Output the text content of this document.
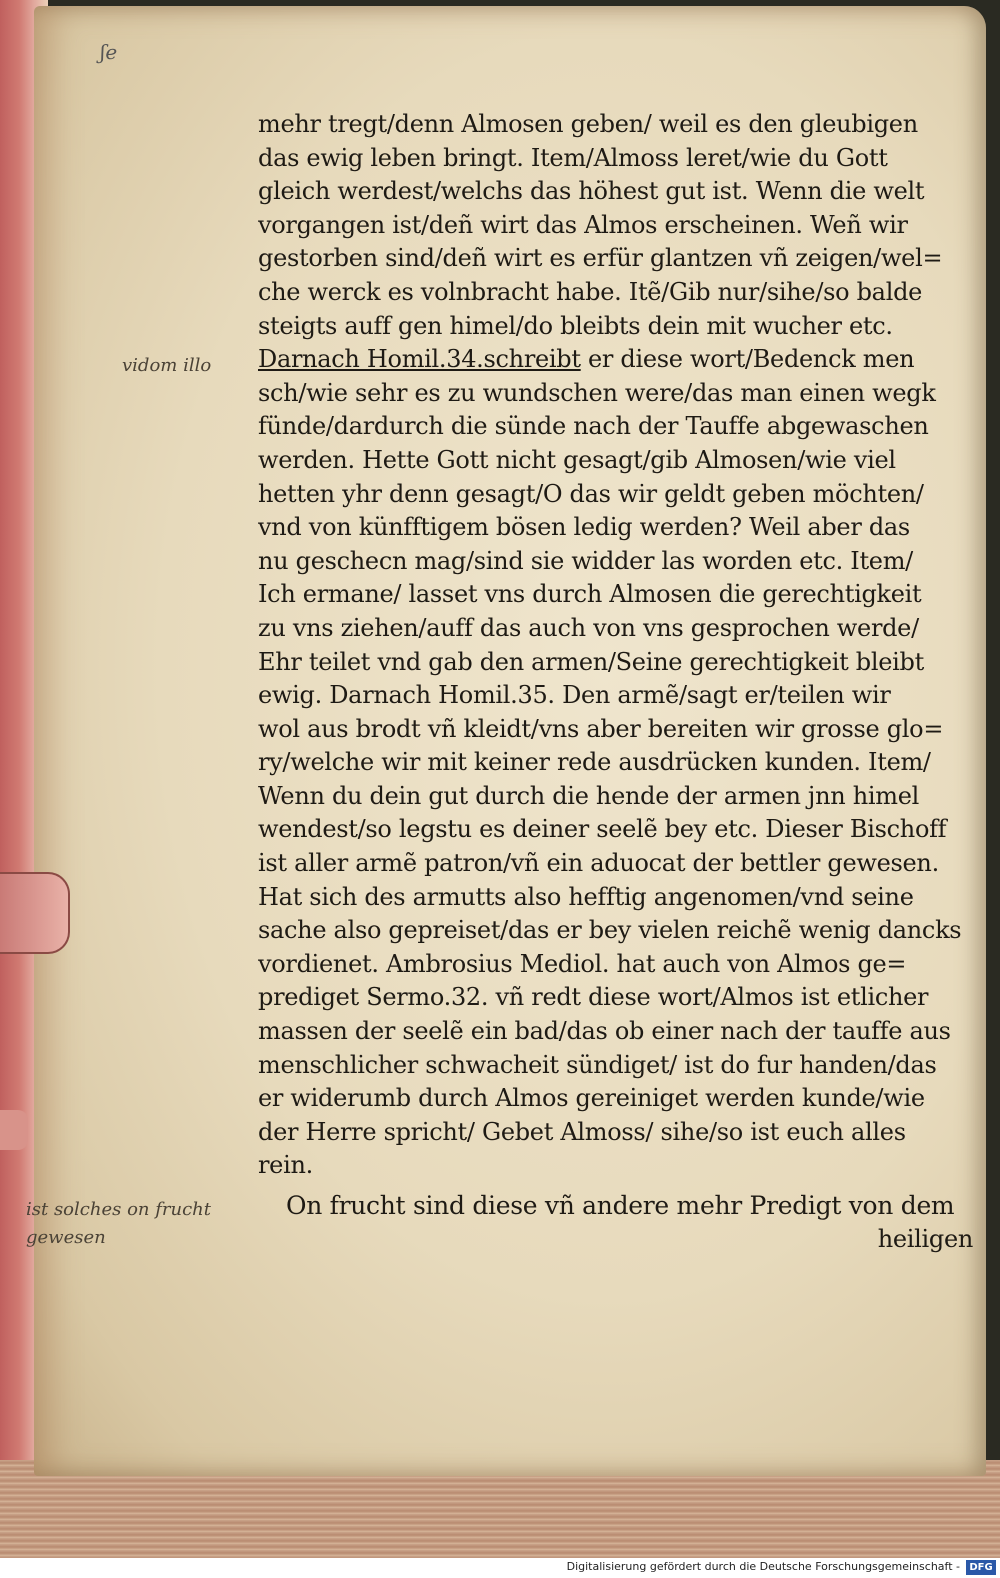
ʃe
vidom illo
ist solches on frucht gewesen
mehr tregt/denn Almosen geben/ weil es den gleubigen
das ewig leben bringt. Item/Almoss leret/wie du Gott
gleich werdest/welchs das höhest gut ist. Wenn die welt
vorgangen ist/deñ wirt das Almos erscheinen. Weñ wir
gestorben sind/deñ wirt es erfür glantzen vñ zeigen/wel=
che werck es volnbracht habe. Itẽ/Gib nur/sihe/so balde
steigts auff gen himel/do bleibts dein mit wucher etc.
Darnach Homil.34.schreibt er diese wort/Bedenck men
sch/wie sehr es zu wundschen were/das man einen wegk
fünde/dardurch die sünde nach der Tauffe abgewaschen
werden. Hette Gott nicht gesagt/gib Almosen/wie viel
hetten yhr denn gesagt/O das wir geldt geben möchten/
vnd von künfftigem bösen ledig werden? Weil aber das
nu geschecn mag/sind sie widder las worden etc. Item/
Ich ermane/ lasset vns durch Almosen die gerechtigkeit
zu vns ziehen/auff das auch von vns gesprochen werde/
Ehr teilet vnd gab den armen/Seine gerechtigkeit bleibt
ewig. Darnach Homil.35. Den armẽ/sagt er/teilen wir
wol aus brodt vñ kleidt/vns aber bereiten wir grosse glo=
ry/welche wir mit keiner rede ausdrücken kunden. Item/
Wenn du dein gut durch die hende der armen jnn himel
wendest/so legstu es deiner seelẽ bey etc. Dieser Bischoff
ist aller armẽ patron/vñ ein aduocat der bettler gewesen.
Hat sich des armutts also hefftig angenomen/vnd seine
sache also gepreiset/das er bey vielen reichẽ wenig dancks
vordienet. Ambrosius Mediol. hat auch von Almos ge=
prediget Sermo.32. vñ redt diese wort/Almos ist etlicher
massen der seelẽ ein bad/das ob einer nach der tauffe aus
menschlicher schwacheit sündiget/ ist do fur handen/das
er widerumb durch Almos gereiniget werden kunde/wie
der Herre spricht/ Gebet Almoss/ sihe/so ist euch alles
rein.
On frucht sind diese vñ andere mehr Predigt von dem
heiligen
Digitalisierung gefördert durch die Deutsche Forschungsgemeinschaft - DFG
